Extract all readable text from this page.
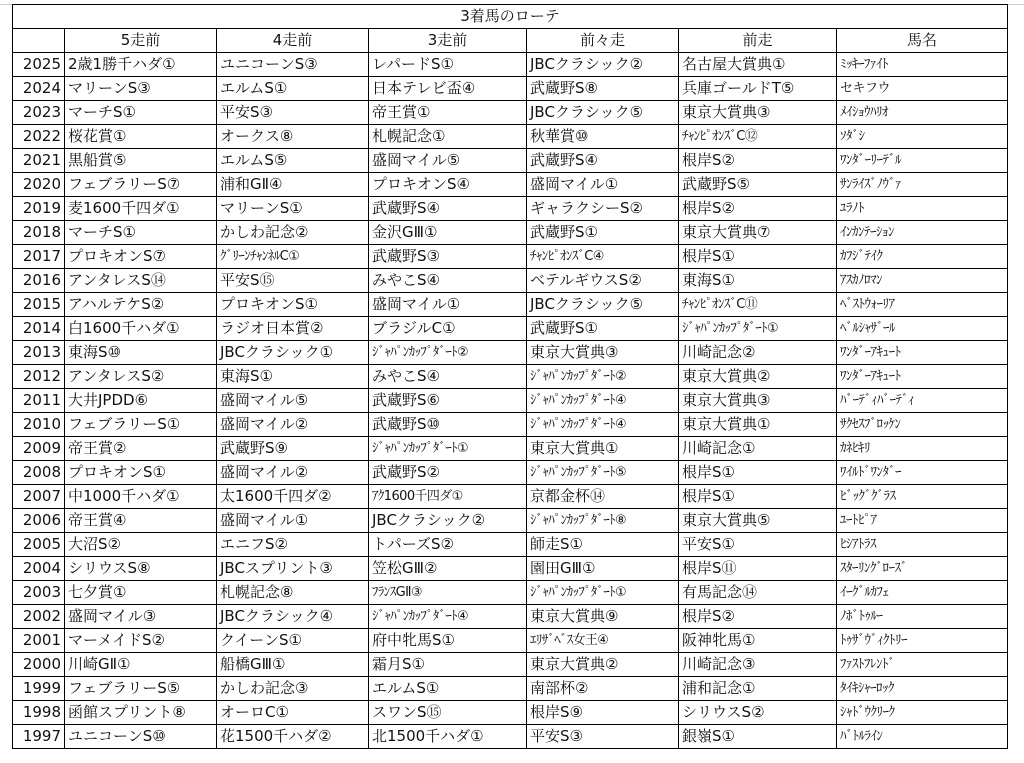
3着馬のローテ						
	5走前	4走前	3走前	前々走	前走	馬名
2025	2歳1勝千ハダ①	ユニコーンS③	レパードS①	JBCクラシック②	名古屋大賞典①	ﾐｯｷｰﾌｧｲﾄ
2024	マリーンS③	エルムS①	日本テレビ盃④	武蔵野S⑧	兵庫ゴールドT⑤	セキフウ
2023	マーチS①	平安S③	帝王賞①	JBCクラシック⑤	東京大賞典③	ﾒｲｼｮｳﾊﾘｵ
2022	桜花賞①	オークス⑧	札幌記念①	秋華賞⑩	ﾁｬﾝﾋﾟｵﾝｽﾞC⑫	ｿﾀﾞｼ
2021	黒船賞⑤	エルムS⑤	盛岡マイル⑤	武蔵野S④	根岸S②	ﾜﾝﾀﾞｰﾘｰﾃﾞﾙ
2020	フェブラリーS⑦	浦和GⅡ④	プロキオンS④	盛岡マイル①	武蔵野S⑤	ｻﾝﾗｲｽﾞﾉｳﾞｧ
2019	麦1600千四ダ①	マリーンS①	武蔵野S④	ギャラクシーS②	根岸S②	ﾕﾗﾉﾄ
2018	マーチS①	かしわ記念②	金沢GⅢ①	武蔵野S①	東京大賞典⑦	ｲﾝｶﾝﾃｰｼｮﾝ
2017	プロキオンS⑦	ｸﾞﾘｰﾝﾁｬﾝﾈﾙC①	武蔵野S③	ﾁｬﾝﾋﾟｵﾝｽﾞC④	根岸S①	ｶﾌｼﾞﾃｲｸ
2016	アンタレスS⑭	平安S⑮	みやこS④	ベテルギウスS②	東海S①	ｱｽｶﾉﾛﾏﾝ
2015	アハルテケS②	プロキオンS①	盛岡マイル①	JBCクラシック⑤	ﾁｬﾝﾋﾟｵﾝｽﾞC⑪	ﾍﾞｽﾄｳｫｰﾘｱ
2014	白1600千ハダ①	ラジオ日本賞②	ブラジルC①	武蔵野S①	ｼﾞｬﾊﾟﾝｶｯﾌﾟﾀﾞｰﾄ①	ﾍﾞﾙｼｬｻﾞｰﾙ
2013	東海S⑩	JBCクラシック①	ｼﾞｬﾊﾟﾝｶｯﾌﾟﾀﾞｰﾄ②	東京大賞典③	川崎記念②	ﾜﾝﾀﾞｰｱｷｭｰﾄ
2012	アンタレスS②	東海S①	みやこS④	ｼﾞｬﾊﾟﾝｶｯﾌﾟﾀﾞｰﾄ②	東京大賞典②	ﾜﾝﾀﾞｰｱｷｭｰﾄ
2011	大井JPDD⑥	盛岡マイル⑤	武蔵野S⑥	ｼﾞｬﾊﾟﾝｶｯﾌﾟﾀﾞｰﾄ④	東京大賞典③	ﾊﾞｰﾃﾞｨﾊﾞｰﾃﾞｨ
2010	フェブラリーS①	盛岡マイル②	武蔵野S⑩	ｼﾞｬﾊﾟﾝｶｯﾌﾟﾀﾞｰﾄ④	東京大賞典①	ｻｸｾｽﾌﾞﾛｯｹﾝ
2009	帝王賞②	武蔵野S⑨	ｼﾞｬﾊﾟﾝｶｯﾌﾟﾀﾞｰﾄ①	東京大賞典①	川崎記念①	ｶﾈﾋｷﾘ
2008	プロキオンS①	盛岡マイル②	武蔵野S②	ｼﾞｬﾊﾟﾝｶｯﾌﾟﾀﾞｰﾄ⑤	根岸S①	ﾜｲﾙﾄﾞﾜﾝﾀﾞｰ
2007	中1000千ハダ①	太1600千四ダ②	ｱｸ1600千四ダ①	京都金杯⑭	根岸S①	ﾋﾞｯｸﾞｸﾞﾗｽ
2006	帝王賞④	盛岡マイル①	JBCクラシック②	ｼﾞｬﾊﾟﾝｶｯﾌﾟﾀﾞｰﾄ⑧	東京大賞典⑤	ﾕｰﾄﾋﾟｱ
2005	大沼S②	エニフS②	トパーズS②	師走S①	平安S①	ﾋｼｱﾄﾗｽ
2004	シリウスS⑧	JBCスプリント③	笠松GⅢ②	園田GⅢ①	根岸S⑪	ｽﾀｰﾘﾝｸﾞﾛｰｽﾞ
2003	七夕賞①	札幌記念⑧	ﾌﾗﾝｽGⅡ③	ｼﾞｬﾊﾟﾝｶｯﾌﾟﾀﾞｰﾄ①	有馬記念⑭	ｲｰｸﾞﾙｶﾌｪ
2002	盛岡マイル③	JBCクラシック④	ｼﾞｬﾊﾟﾝｶｯﾌﾟﾀﾞｰﾄ④	東京大賞典⑨	根岸S②	ﾉﾎﾞﾄｩﾙｰ
2001	マーメイドS②	クイーンS①	府中牝馬S①	ｴﾘｻﾞﾍﾞｽ女王④	阪神牝馬①	ﾄｩｻﾞｳﾞｨｸﾄﾘｰ
2000	川崎GⅡ①	船橋GⅢ①	霜月S①	東京大賞典②	川崎記念③	ﾌｧｽﾄﾌﾚﾝﾄﾞ
1999	フェブラリーS⑤	かしわ記念③	エルムS①	南部杯②	浦和記念①	ﾀｲｷｼｬｰﾛｯｸ
1998	函館スプリント⑧	オーロC①	スワンS⑮	根岸S⑨	シリウスS②	ｼｬﾄﾞｳｸﾘｰｸ
1997	ユニコーンS⑩	花1500千ハダ②	北1500千ハダ①	平安S③	銀嶺S①	ﾊﾞﾄﾙﾗｲﾝ
